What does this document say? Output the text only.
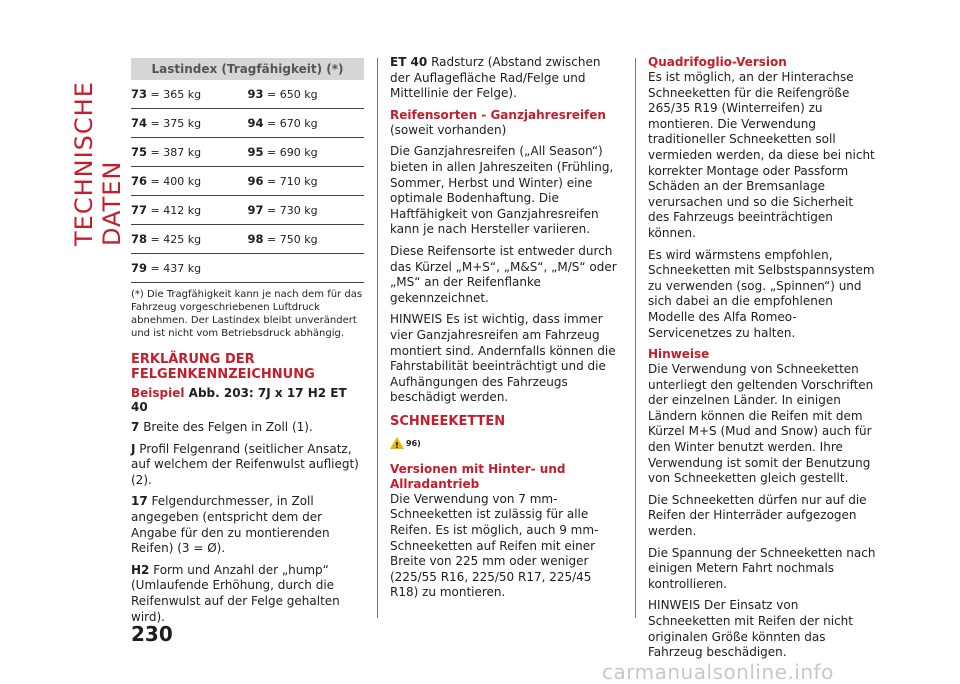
TECHNISCHE DATEN
Lastindex (Tragfähigkeit) (*)
73 = 365 kg	93 = 650 kg
74 = 375 kg	94 = 670 kg
75 = 387 kg	95 = 690 kg
76 = 400 kg	96 = 710 kg
77 = 412 kg	97 = 730 kg
78 = 425 kg	98 = 750 kg
79 = 437 kg
(*) Die Tragfähigkeit kann je nach dem für das Fahrzeug vorgeschriebenen Luftdruck abnehmen. Der Lastindex bleibt unverändert und ist nicht vom Betriebsdruck abhängig.
ERKLÄRUNG DER FELGENKENNZEICHNUNG
Beispiel Abb. 203: 7J x 17 H2 ET 40

7 Breite des Felgen in Zoll (1).

J Profil Felgenrand (seitlicher Ansatz, auf welchem der Reifenwulst aufliegt) (2).

17 Felgendurchmesser, in Zoll angegeben (entspricht dem der Angabe für den zu montierenden Reifen) (3 = Ø).

H2 Form und Anzahl der „hump“ (Umlaufende Erhöhung, durch die Reifenwulst auf der Felge gehalten wird).

ET 40 Radsturz (Abstand zwischen der Auflagefläche Rad/Felge und Mittellinie der Felge).

Reifensorten - Ganzjahresreifen

(soweit vorhanden)

Die Ganzjahresreifen („All Season“) bieten in allen Jahreszeiten (Frühling, Sommer, Herbst und Winter) eine optimale Bodenhaftung. Die Haftfähigkeit von Ganzjahresreifen kann je nach Hersteller variieren.

Diese Reifensorte ist entweder durch das Kürzel „M+S“, „M&S“, „M/S“ oder „MS“ an der Reifenflanke gekennzeichnet.

HINWEIS Es ist wichtig, dass immer vier Ganzjahresreifen am Fahrzeug montiert sind. Andernfalls können die Fahrstabilität beeinträchtigt und die Aufhängungen des Fahrzeugs beschädigt werden.

SCHNEEKETTEN
! 96)
Versionen mit Hinter- und Allradantrieb

Die Verwendung von 7 mm-Schneeketten ist zulässig für alle Reifen. Es ist möglich, auch 9 mm-Schneeketten auf Reifen mit einer Breite von 225 mm oder weniger (225/55 R16, 225/50 R17, 225/45 R18) zu montieren.

Quadrifoglio-Version

Es ist möglich, an der Hinterachse Schneeketten für die Reifengröße 265/35 R19 (Winterreifen) zu montieren. Die Verwendung traditioneller Schneeketten soll vermieden werden, da diese bei nicht korrekter Montage oder Passform Schäden an der Bremsanlage verursachen und so die Sicherheit des Fahrzeugs beeinträchtigen können.

Es wird wärmstens empfohlen, Schneeketten mit Selbstspannsystem zu verwenden (sog. „Spinnen“) und sich dabei an die empfohlenen Modelle des Alfa Romeo-Servicenetzes zu halten.

Hinweise

Die Verwendung von Schneeketten unterliegt den geltenden Vorschriften der einzelnen Länder. In einigen Ländern können die Reifen mit dem Kürzel M+S (Mud and Snow) auch für den Winter benutzt werden. Ihre Verwendung ist somit der Benutzung von Schneeketten gleich gestellt.

Die Schneeketten dürfen nur auf die Reifen der Hinterräder aufgezogen werden.

Die Spannung der Schneeketten nach einigen Metern Fahrt nochmals kontrollieren.

HINWEIS Der Einsatz von Schneeketten mit Reifen der nicht originalen Größe könnten das Fahrzeug beschädigen.

230
carmanualsonline.info
